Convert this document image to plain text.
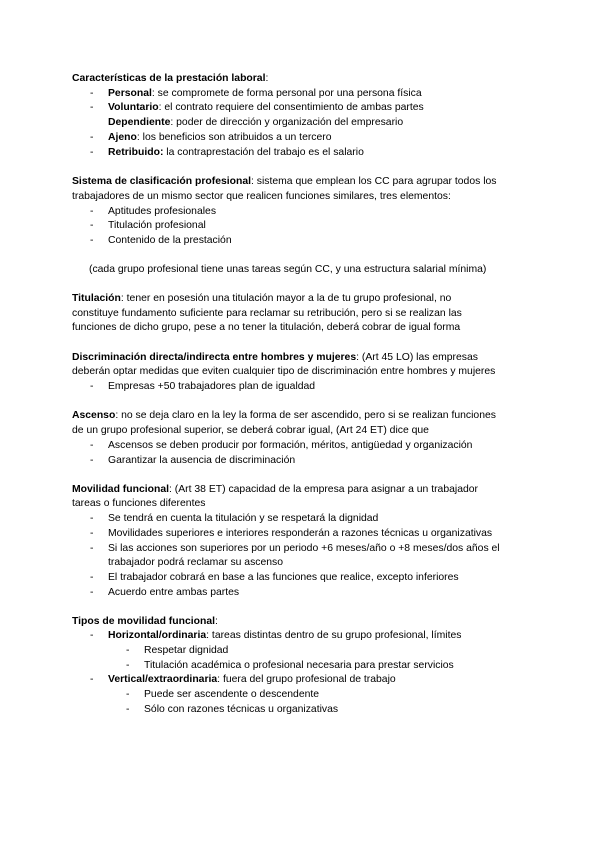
Características de la prestación laboral:
- Personal: se compromete de forma personal por una persona física
- Voluntario: el contrato requiere del consentimiento de ambas partes
Dependiente: poder de dirección y organización del empresario
- Ajeno: los beneficios son atribuidos a un tercero
- Retribuido: la contraprestación del trabajo es el salario
Sistema de clasificación profesional: sistema que emplean los CC para agrupar todos los
trabajadores de un mismo sector que realicen funciones similares, tres elementos:
- Aptitudes profesionales
- Titulación profesional
- Contenido de la prestación
(cada grupo profesional tiene unas tareas según CC, y una estructura salarial mínima)
Titulación: tener en posesión una titulación mayor a la de tu grupo profesional, no
constituye fundamento suficiente para reclamar su retribución, pero si se realizan las
funciones de dicho grupo, pese a no tener la titulación, deberá cobrar de igual forma
Discriminación directa/indirecta entre hombres y mujeres: (Art 45 LO) las empresas
deberán optar medidas que eviten cualquier tipo de discriminación entre hombres y mujeres
- Empresas +50 trabajadores plan de igualdad
Ascenso: no se deja claro en la ley la forma de ser ascendido, pero si se realizan funciones
de un grupo profesional superior, se deberá cobrar igual, (Art 24 ET) dice que
- Ascensos se deben producir por formación, méritos, antigüedad y organización
- Garantizar la ausencia de discriminación
Movilidad funcional: (Art 38 ET) capacidad de la empresa para asignar a un trabajador
tareas o funciones diferentes
- Se tendrá en cuenta la titulación y se respetará la dignidad
- Movilidades superiores e interiores responderán a razones técnicas u organizativas
- Si las acciones son superiores por un periodo +6 meses/año o +8 meses/dos años el
trabajador podrá reclamar su ascenso
- El trabajador cobrará en base a las funciones que realice, excepto inferiores
- Acuerdo entre ambas partes
Tipos de movilidad funcional:
- Horizontal/ordinaria: tareas distintas dentro de su grupo profesional, límites
- Respetar dignidad
- Titulación académica o profesional necesaria para prestar servicios
- Vertical/extraordinaria: fuera del grupo profesional de trabajo
- Puede ser ascendente o descendente
- Sólo con razones técnicas u organizativas
